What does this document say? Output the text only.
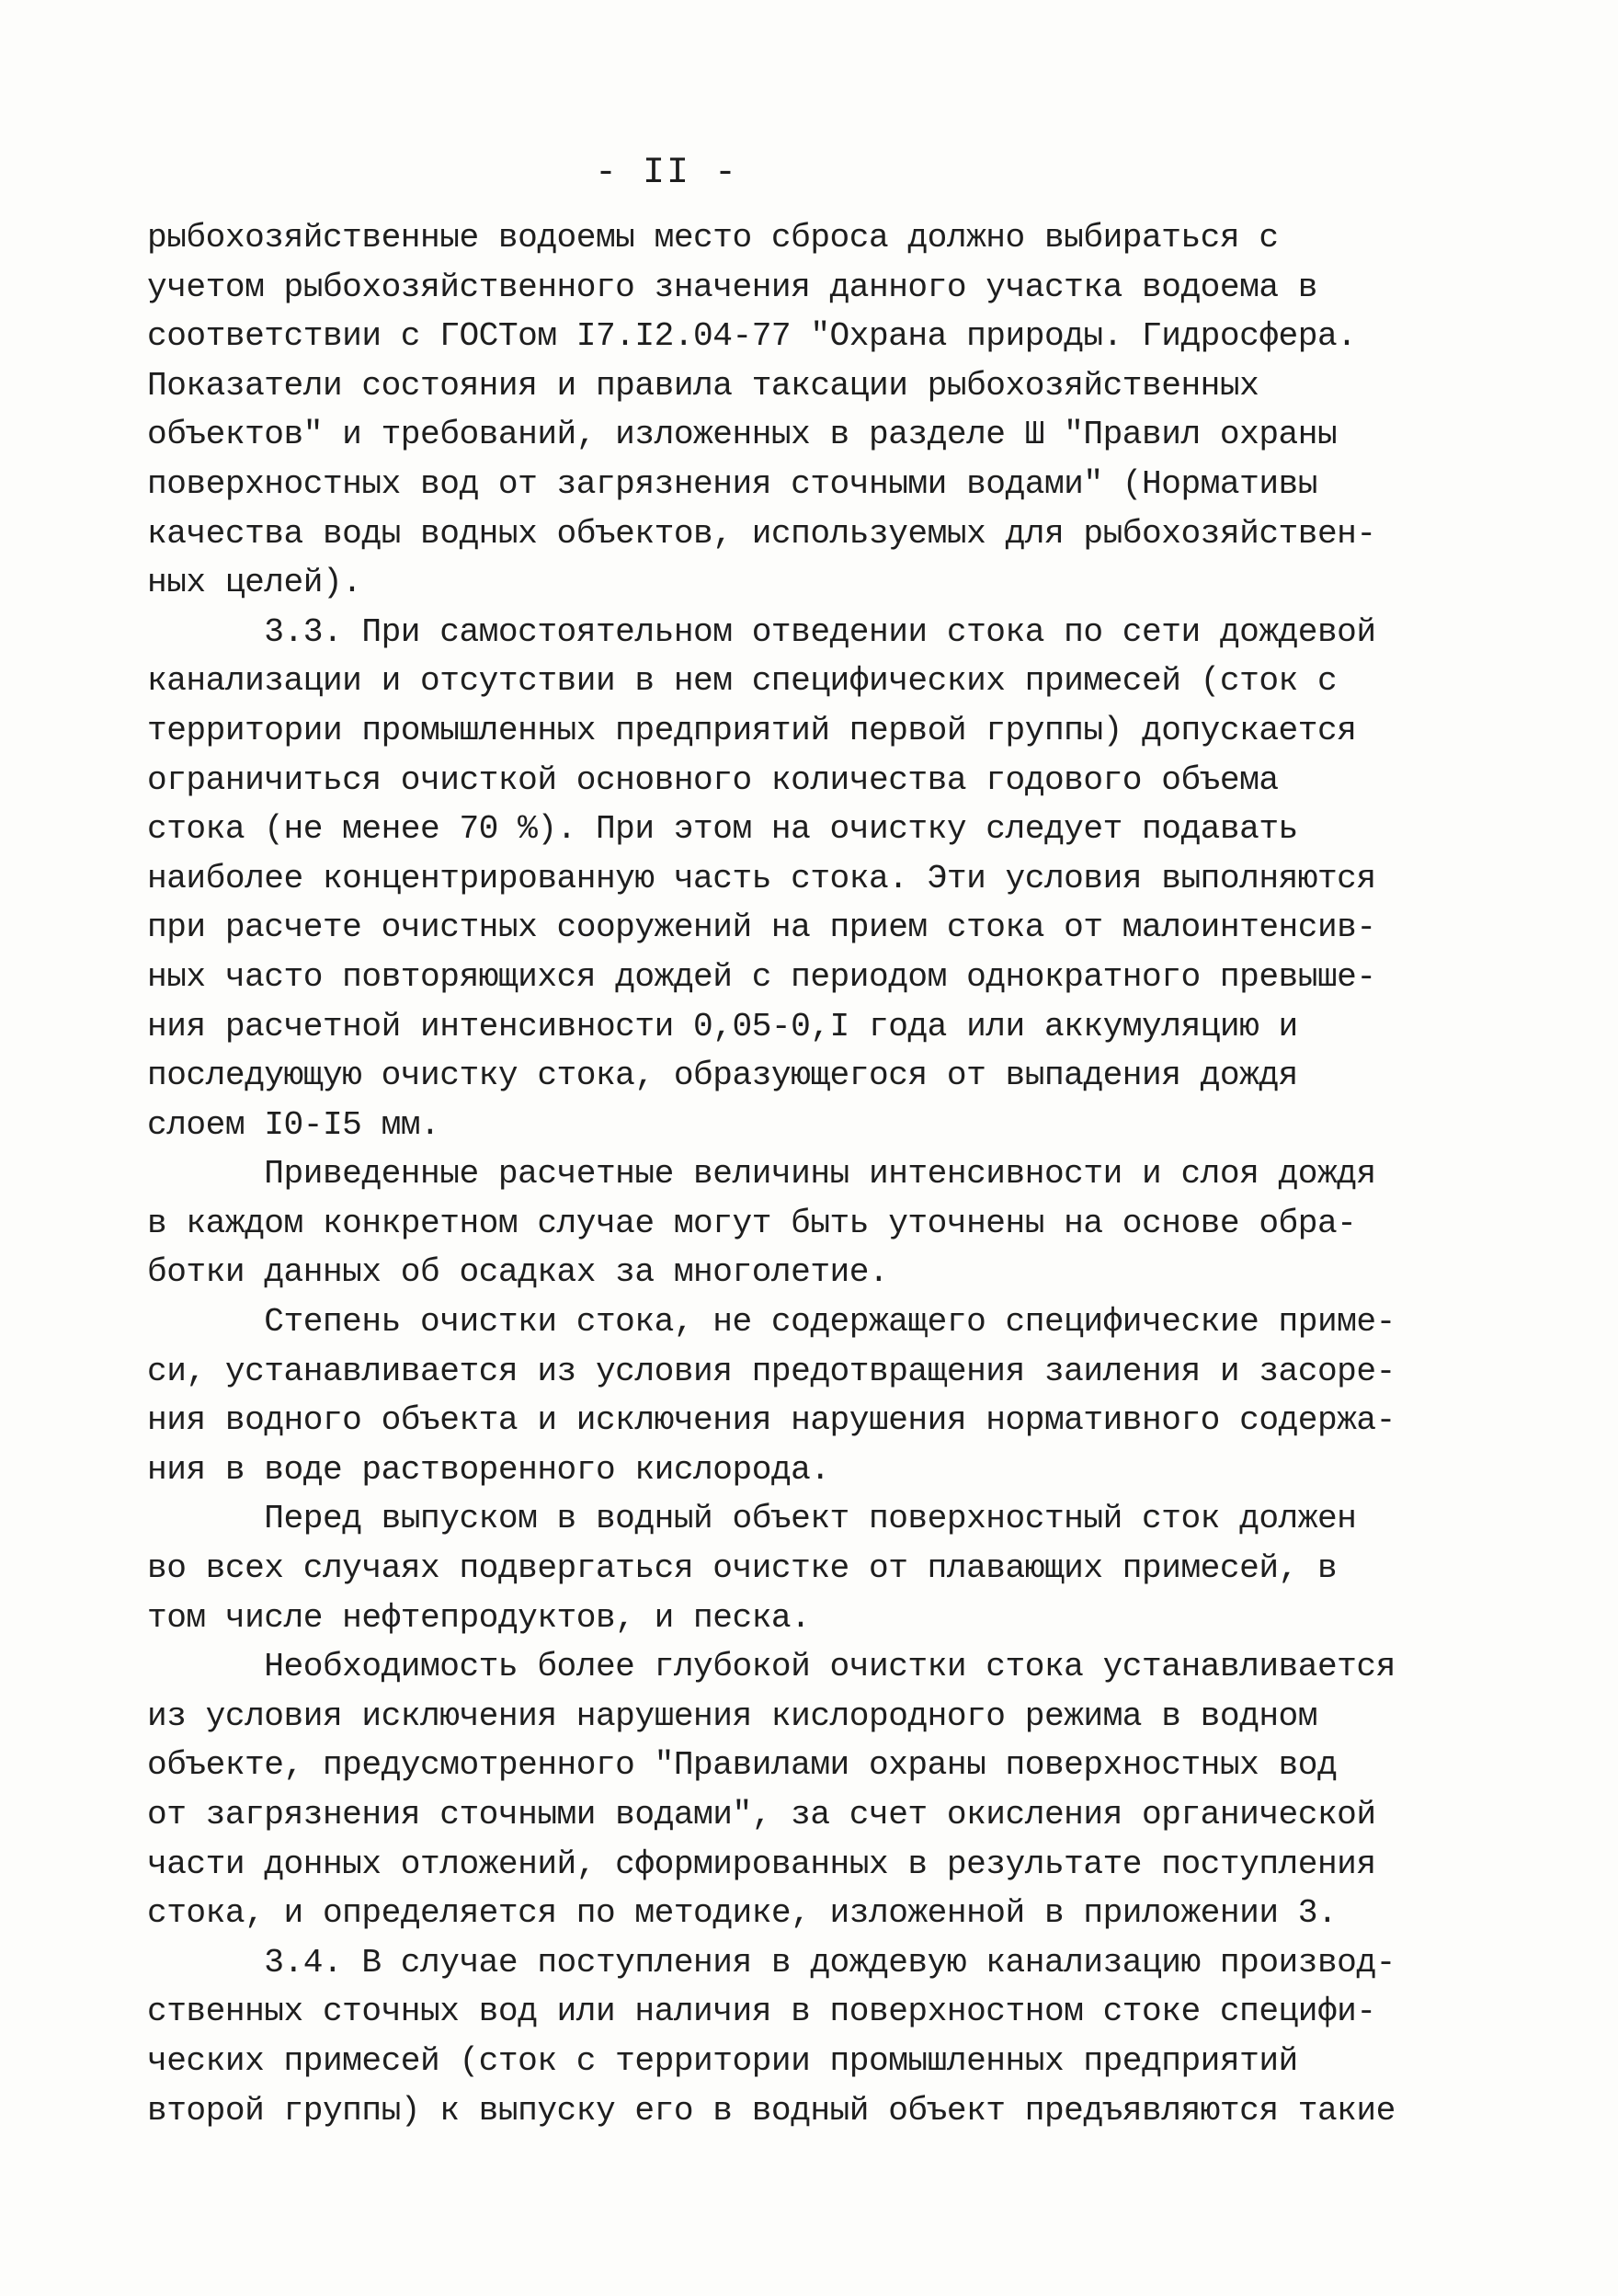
- II -
рыбохозяйственные водоемы место сброса должно выбираться с
учетом рыбохозяйственного значения данного участка водоема в
соответствии с ГОСТом I7.I2.04-77 "Охрана природы. Гидросфера.
Показатели состояния и правила таксации рыбохозяйственных
объектов" и требований, изложенных в разделе Ш "Правил охраны
поверхностных вод от загрязнения сточными водами" (Нормативы
качества воды водных объектов, используемых для рыбохозяйствен-
ных целей).
3.3. При самостоятельном отведении стока по сети дождевой
канализации и отсутствии в нем специфических примесей (сток с
территории промышленных предприятий первой группы) допускается
ограничиться очисткой основного количества годового объема
стока (не менее 70 %). При этом на очистку следует подавать
наиболее концентрированную часть стока. Эти условия выполняются
при расчете очистных сооружений на прием стока от малоинтенсив-
ных часто повторяющихся дождей с периодом однократного превыше-
ния расчетной интенсивности 0,05-0,I года или аккумуляцию и
последующую очистку стока, образующегося от выпадения дождя
слоем I0-I5 мм.
Приведенные расчетные величины интенсивности и слоя дождя
в каждом конкретном случае могут быть уточнены на основе обра-
ботки данных об осадках за многолетие.
Степень очистки стока, не содержащего специфические приме-
си, устанавливается из условия предотвращения заиления и засоре-
ния водного объекта и исключения нарушения нормативного содержа-
ния в воде растворенного кислорода.
Перед выпуском в водный объект поверхностный сток должен
во всех случаях подвергаться очистке от плавающих примесей, в
том числе нефтепродуктов, и песка.
Необходимость более глубокой очистки стока устанавливается
из условия исключения нарушения кислородного режима в водном
объекте, предусмотренного "Правилами охраны поверхностных вод
от загрязнения сточными водами", за счет окисления органической
части донных отложений, сформированных в результате поступления
стока, и определяется по методике, изложенной в приложении 3.
3.4. В случае поступления в дождевую канализацию производ-
ственных сточных вод или наличия в поверхностном стоке специфи-
ческих примесей (сток с территории промышленных предприятий
второй группы) к выпуску его в водный объект предъявляются такие
